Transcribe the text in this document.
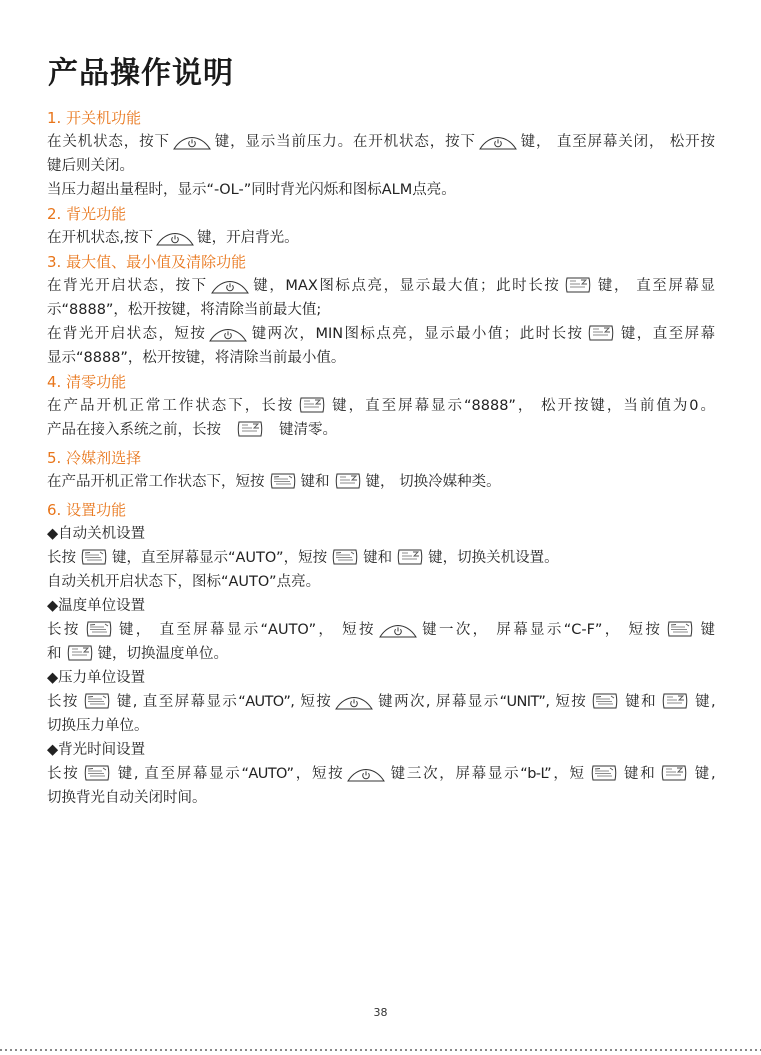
产品操作说明
1. 开关机功能
在关机状态，按下	键，显示当前压力。在开机状态，按下	键， 直至屏幕关闭， 松开按
键后则关闭。
当压力超出量程时，显示“-OL-”同时背光闪烁和图标ALM点亮。
2. 背光功能
在开机状态,按下	键，开启背光。
3. 最大值、最小值及清除功能
在背光开启状态，按下	键，MAX图标点亮，显示最大值；此时长按 键， 直至屏幕显
示“8888”，松开按键，将清除当前最大值;
在背光开启状态，短按	键两次，MIN图标点亮，显示最小值；此时长按 键，直至屏幕
显示“8888”，松开按键，将清除当前最小值。
4. 清零功能
在产品开机正常工作状态下，长按 键，直至屏幕显示“8888”， 松开按键，当前值为0。
产品在接入系统之前，长按	键清零。
5. 冷媒剂选择
在产品开机正常工作状态下，短按 键和 键， 切换冷媒种类。
6. 设置功能
◆自动关机设置
长按 键，直至屏幕显示“AUTO”，短按 键和 键，切换关机设置。
自动关机开启状态下，图标“AUTO”点亮。
◆温度单位设置
长按 键， 直至屏幕显示“AUTO”， 短按	键一次， 屏幕显示“C-F”， 短按 键
和 键，切换温度单位。
◆压力单位设置
长按 键, 直至屏幕显示“AUTO”, 短按	键两次, 屏幕显示“UNIT”, 短按 键和 键,
切换压力单位。
◆背光时间设置
长按 键, 直至屏幕显示“AUTO”，短按	键三次，屏幕显示“b-L”，短 键和 键,
切换背光自动关闭时间。
38
